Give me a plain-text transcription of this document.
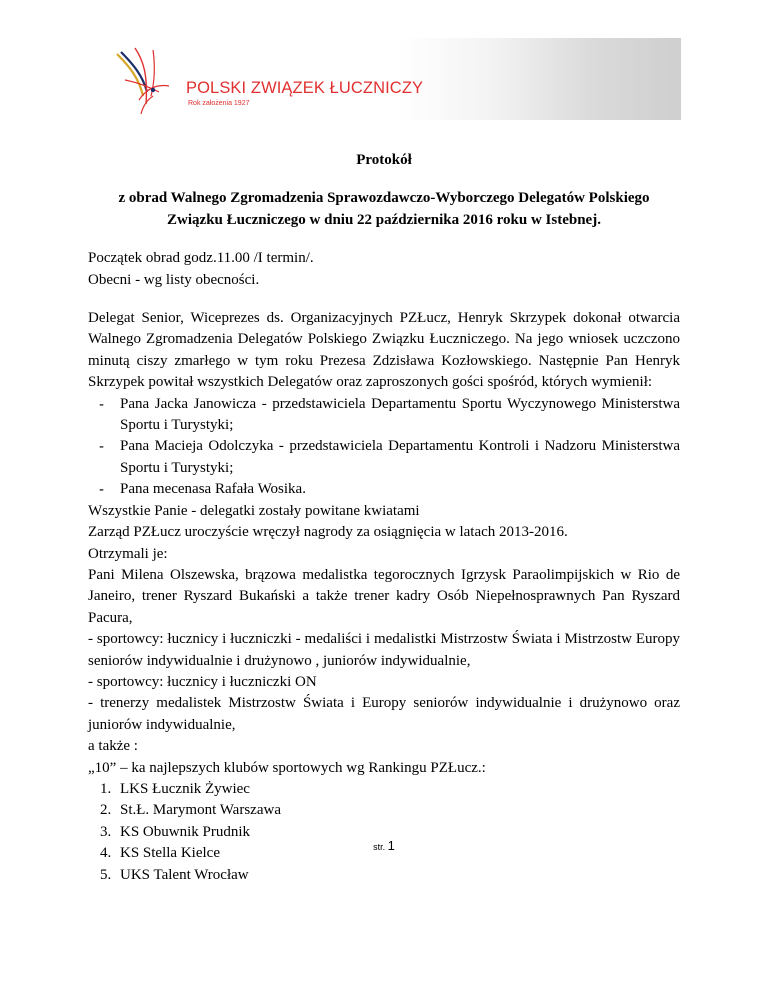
POLSKI ZWIĄZEK ŁUCZNICZY
Rok założenia 1927

Protokół

z obrad Walnego Zgromadzenia Sprawozdawczo-Wyborczego Delegatów Polskiego

Związku Łuczniczego w dniu 22 października 2016 roku w Istebnej.

Początek obrad godz.11.00 /I termin/.

Obecni - wg listy obecności.

Delegat Senior, Wiceprezes ds. Organizacyjnych PZŁucz, Henryk Skrzypek dokonał otwarcia Walnego Zgromadzenia Delegatów Polskiego Związku Łuczniczego. Na jego wniosek uczczono minutą ciszy zmarłego w tym roku Prezesa Zdzisława Kozłowskiego. Następnie Pan Henryk Skrzypek powitał wszystkich Delegatów oraz zaproszonych gości spośród, których wymienił:

- Pana Jacka Janowicza - przedstawiciela Departamentu Sportu Wyczynowego Ministerstwa Sportu i Turystyki;
- Pana Macieja Odolczyka - przedstawiciela Departamentu Kontroli i Nadzoru Ministerstwa Sportu i Turystyki;
- Pana mecenasa Rafała Wosika.

Wszystkie Panie - delegatki zostały powitane kwiatami

Zarząd PZŁucz uroczyście wręczył nagrody za osiągnięcia w latach 2013-2016.

Otrzymali je:

Pani Milena Olszewska, brązowa medalistka tegorocznych Igrzysk Paraolimpijskich w Rio de Janeiro, trener Ryszard Bukański a także trener kadry Osób Niepełnosprawnych Pan Ryszard Pacura,

- sportowcy: łucznicy i łuczniczki - medaliści i medalistki Mistrzostw Świata i Mistrzostw Europy seniorów indywidualnie i drużynowo , juniorów indywidualnie,

- sportowcy: łucznicy i łuczniczki ON

- trenerzy medalistek Mistrzostw Świata i Europy seniorów indywidualnie i drużynowo oraz juniorów indywidualnie,

a także :

„10” – ka najlepszych klubów sportowych wg Rankingu PZŁucz.:

1. LKS Łucznik Żywiec
2. St.Ł. Marymont Warszawa
3. KS Obuwnik Prudnik
4. KS Stella Kielce
5. UKS Talent Wrocław
str. 1
